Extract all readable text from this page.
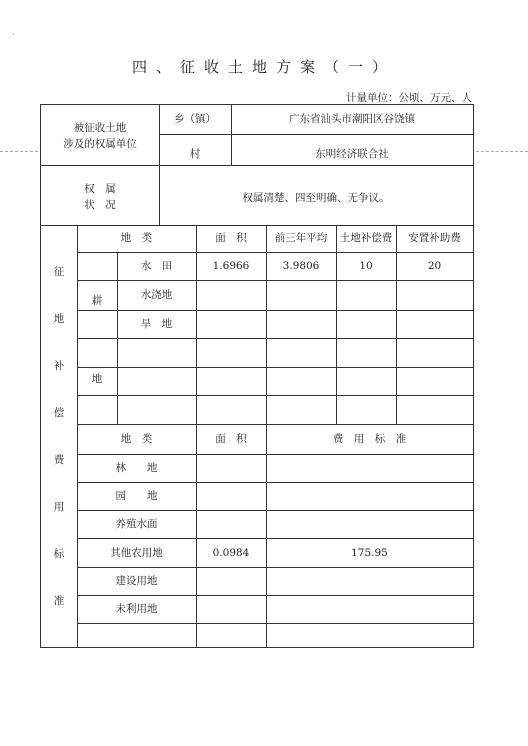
·
四、征收土地方案（一）
计量单位：公顷、万元、人
被征收土地
涉及的权属单位
乡（镇）	广东省汕头市潮阳区谷饶镇
村	东明经济联合社
权　属
状　况
权属清楚、四至明确、无争议。
征
地
补
偿
费
用
标
准
地　类	面　积	前三年平均	土地补偿费	安置补助费
耕
地
水　田	1.6966	3.9806	10	20
水浇地
旱　地
地　类	面　积	费　用　标　准
林　　地
园　　地
养殖水面
其他农用地	0.0984	175.95
建设用地
未利用地
